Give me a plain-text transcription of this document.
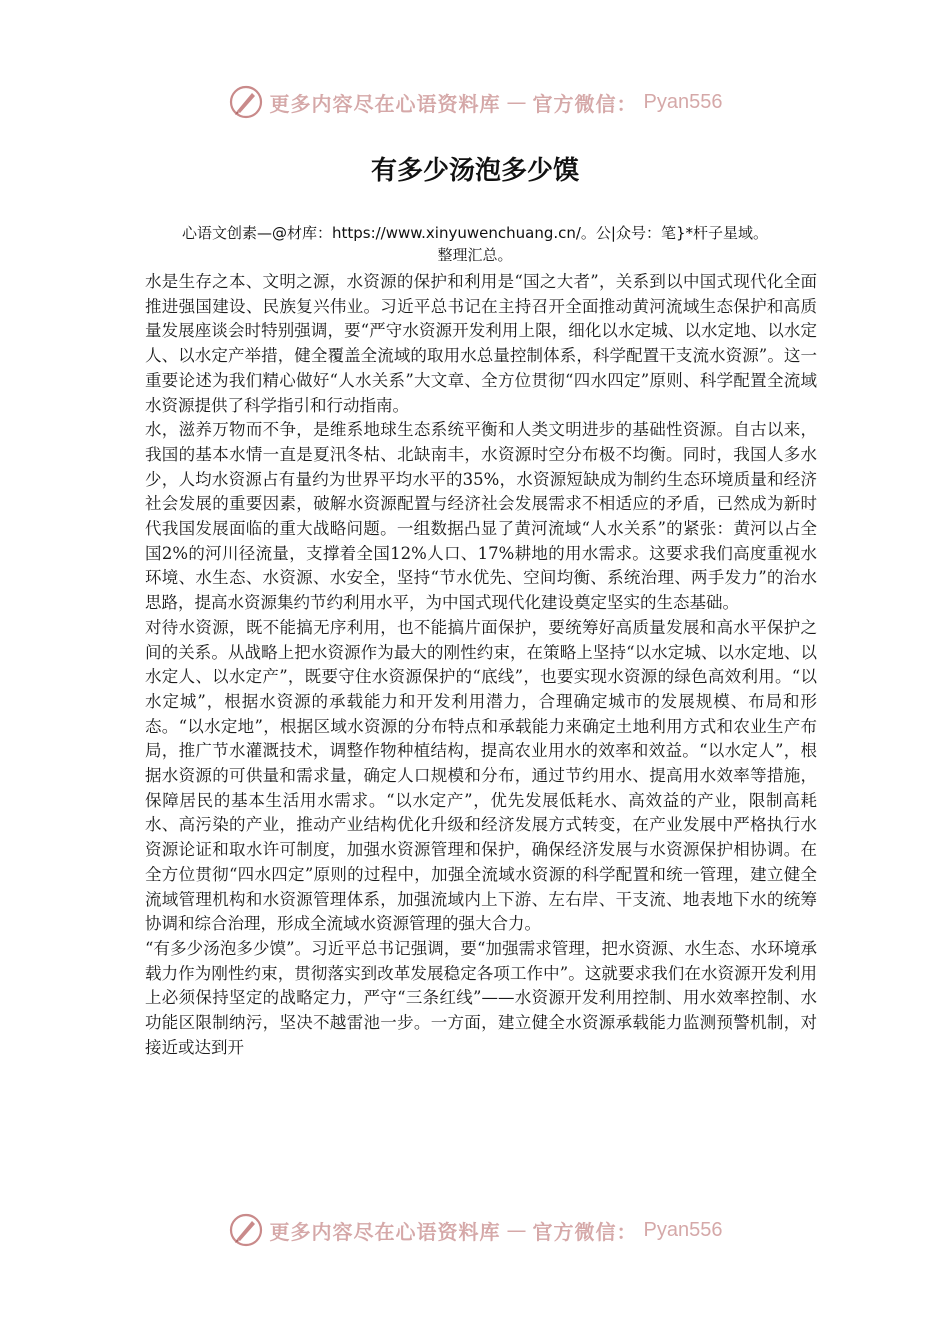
更多内容尽在心语资料库 — 官方微信： Pyan556
有多少汤泡多少馍
心语文创素—@材库：https://www.xinyuwenchuang.cn/。公|众号：笔}*杆子星域。
整理汇总。

水是生存之本、文明之源，水资源的保护和利用是“国之大者”，关系到以中国式现代化全面推进强国建设、民族复兴伟业。习近平总书记在主持召开全面推动黄河流域生态保护和高质量发展座谈会时特别强调，要“严守水资源开发利用上限，细化以水定城、以水定地、以水定人、以水定产举措，健全覆盖全流域的取用水总量控制体系，科学配置干支流水资源”。这一重要论述为我们精心做好“人水关系”大文章、全方位贯彻“四水四定”原则、科学配置全流域水资源提供了科学指引和行动指南。

水，滋养万物而不争，是维系地球生态系统平衡和人类文明进步的基础性资源。自古以来，我国的基本水情一直是夏汛冬枯、北缺南丰，水资源时空分布极不均衡。同时，我国人多水少，人均水资源占有量约为世界平均水平的35%，水资源短缺成为制约生态环境质量和经济社会发展的重要因素，破解水资源配置与经济社会发展需求不相适应的矛盾，已然成为新时代我国发展面临的重大战略问题。一组数据凸显了黄河流域“人水关系”的紧张：黄河以占全国2%的河川径流量，支撑着全国12%人口、17%耕地的用水需求。这要求我们高度重视水环境、水生态、水资源、水安全，坚持“节水优先、空间均衡、系统治理、两手发力”的治水思路，提高水资源集约节约利用水平，为中国式现代化建设奠定坚实的生态基础。

对待水资源，既不能搞无序利用，也不能搞片面保护，要统筹好高质量发展和高水平保护之间的关系。从战略上把水资源作为最大的刚性约束，在策略上坚持“以水定城、以水定地、以水定人、以水定产”，既要守住水资源保护的“底线”，也要实现水资源的绿色高效利用。“以水定城”，根据水资源的承载能力和开发利用潜力，合理确定城市的发展规模、布局和形态。“以水定地”，根据区域水资源的分布特点和承载能力来确定土地利用方式和农业生产布局，推广节水灌溉技术，调整作物种植结构，提高农业用水的效率和效益。“以水定人”，根据水资源的可供量和需求量，确定人口规模和分布，通过节约用水、提高用水效率等措施，保障居民的基本生活用水需求。“以水定产”，优先发展低耗水、高效益的产业，限制高耗水、高污染的产业，推动产业结构优化升级和经济发展方式转变，在产业发展中严格执行水资源论证和取水许可制度，加强水资源管理和保护，确保经济发展与水资源保护相协调。在全方位贯彻“四水四定”原则的过程中，加强全流域水资源的科学配置和统一管理，建立健全流域管理机构和水资源管理体系，加强流域内上下游、左右岸、干支流、地表地下水的统筹协调和综合治理，形成全流域水资源管理的强大合力。

“有多少汤泡多少馍”。习近平总书记强调，要“加强需求管理，把水资源、水生态、水环境承载力作为刚性约束，贯彻落实到改革发展稳定各项工作中”。这就要求我们在水资源开发利用上必须保持坚定的战略定力，严守“三条红线”——水资源开发利用控制、用水效率控制、水功能区限制纳污，坚决不越雷池一步。一方面，建立健全水资源承载能力监测预警机制，对接近或达到开

更多内容尽在心语资料库 — 官方微信： Pyan556
